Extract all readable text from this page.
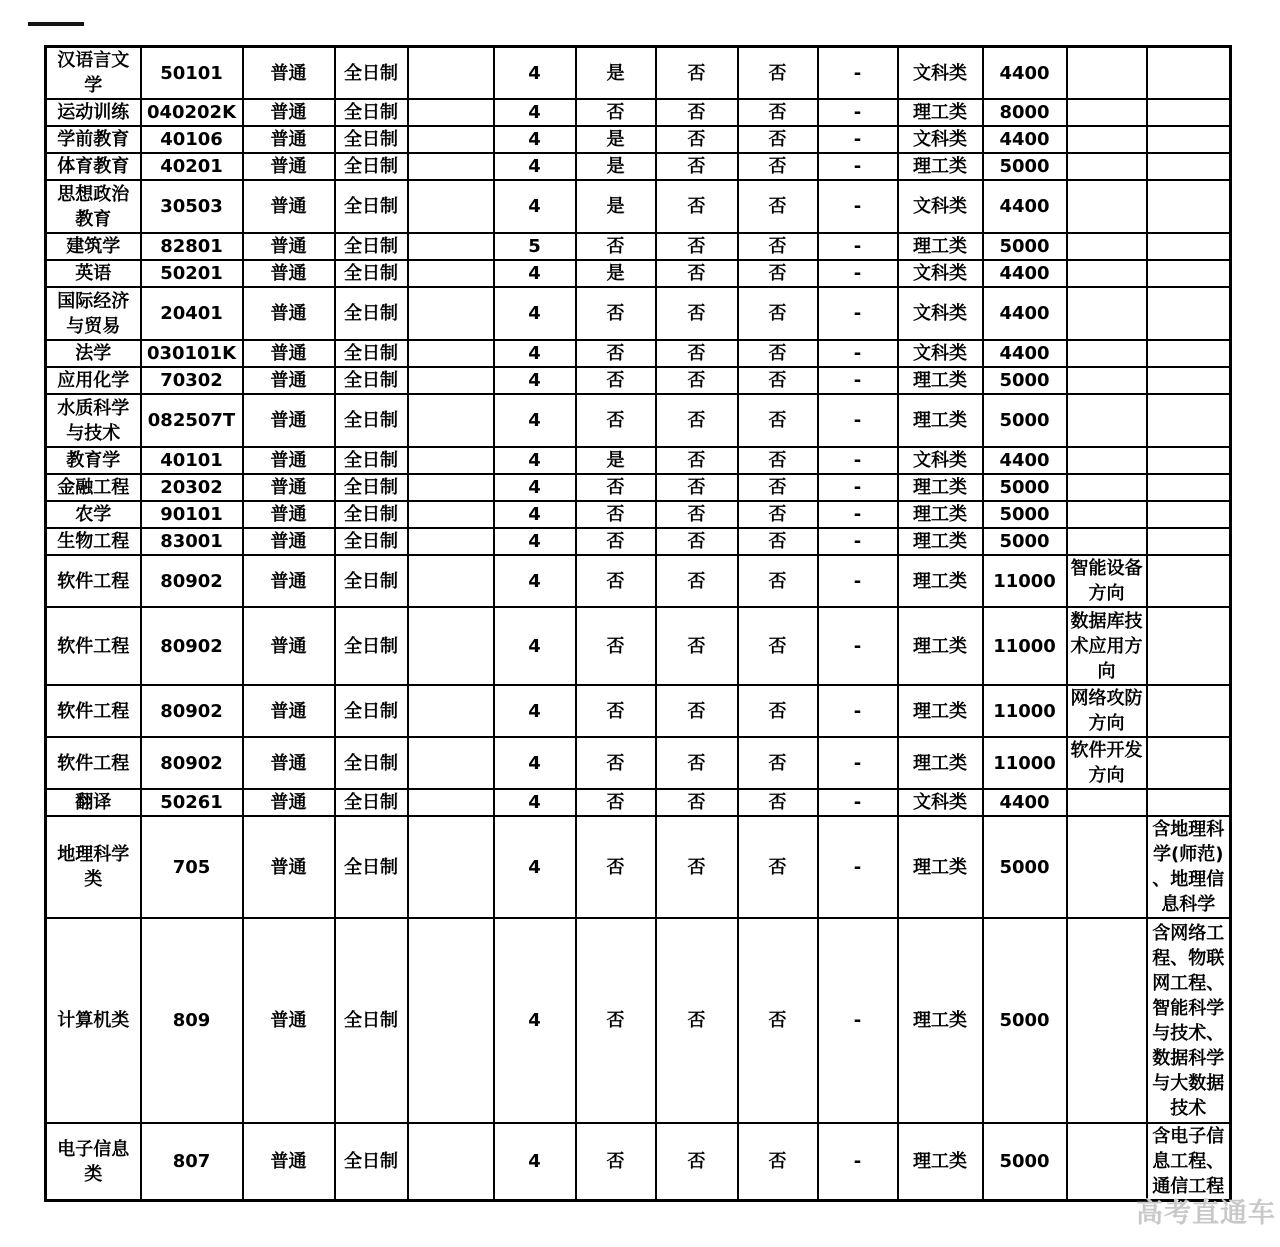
汉语言文学	50101	普通	全日制		4	是	否	否	-	文科类	4400		
运动训练	040202K	普通	全日制		4	否	否	否	-	理工类	8000		
学前教育	40106	普通	全日制		4	是	否	否	-	文科类	4400		
体育教育	40201	普通	全日制		4	是	否	否	-	理工类	5000		
思想政治教育	30503	普通	全日制		4	是	否	否	-	文科类	4400		
建筑学	82801	普通	全日制		5	否	否	否	-	理工类	5000		
英语	50201	普通	全日制		4	是	否	否	-	文科类	4400		
国际经济与贸易	20401	普通	全日制		4	否	否	否	-	文科类	4400		
法学	030101K	普通	全日制		4	否	否	否	-	文科类	4400		
应用化学	70302	普通	全日制		4	否	否	否	-	理工类	5000		
水质科学与技术	082507T	普通	全日制		4	否	否	否	-	理工类	5000		
教育学	40101	普通	全日制		4	是	否	否	-	文科类	4400		
金融工程	20302	普通	全日制		4	否	否	否	-	理工类	5000		
农学	90101	普通	全日制		4	否	否	否	-	理工类	5000		
生物工程	83001	普通	全日制		4	否	否	否	-	理工类	5000		
软件工程	80902	普通	全日制		4	否	否	否	-	理工类	11000	智能设备方向	
软件工程	80902	普通	全日制		4	否	否	否	-	理工类	11000	数据库技术应用方向	
软件工程	80902	普通	全日制		4	否	否	否	-	理工类	11000	网络攻防方向	
软件工程	80902	普通	全日制		4	否	否	否	-	理工类	11000	软件开发方向	
翻译	50261	普通	全日制		4	否	否	否	-	文科类	4400		
地理科学类	705	普通	全日制		4	否	否	否	-	理工类	5000		含地理科学(师范)、地理信息科学
计算机类	809	普通	全日制		4	否	否	否	-	理工类	5000		含网络工程、物联网工程、智能科学与技术、数据科学与大数据技术
电子信息类	807	普通	全日制		4	否	否	否	-	理工类	5000		含电子信息工程、通信工程
高考直通车
